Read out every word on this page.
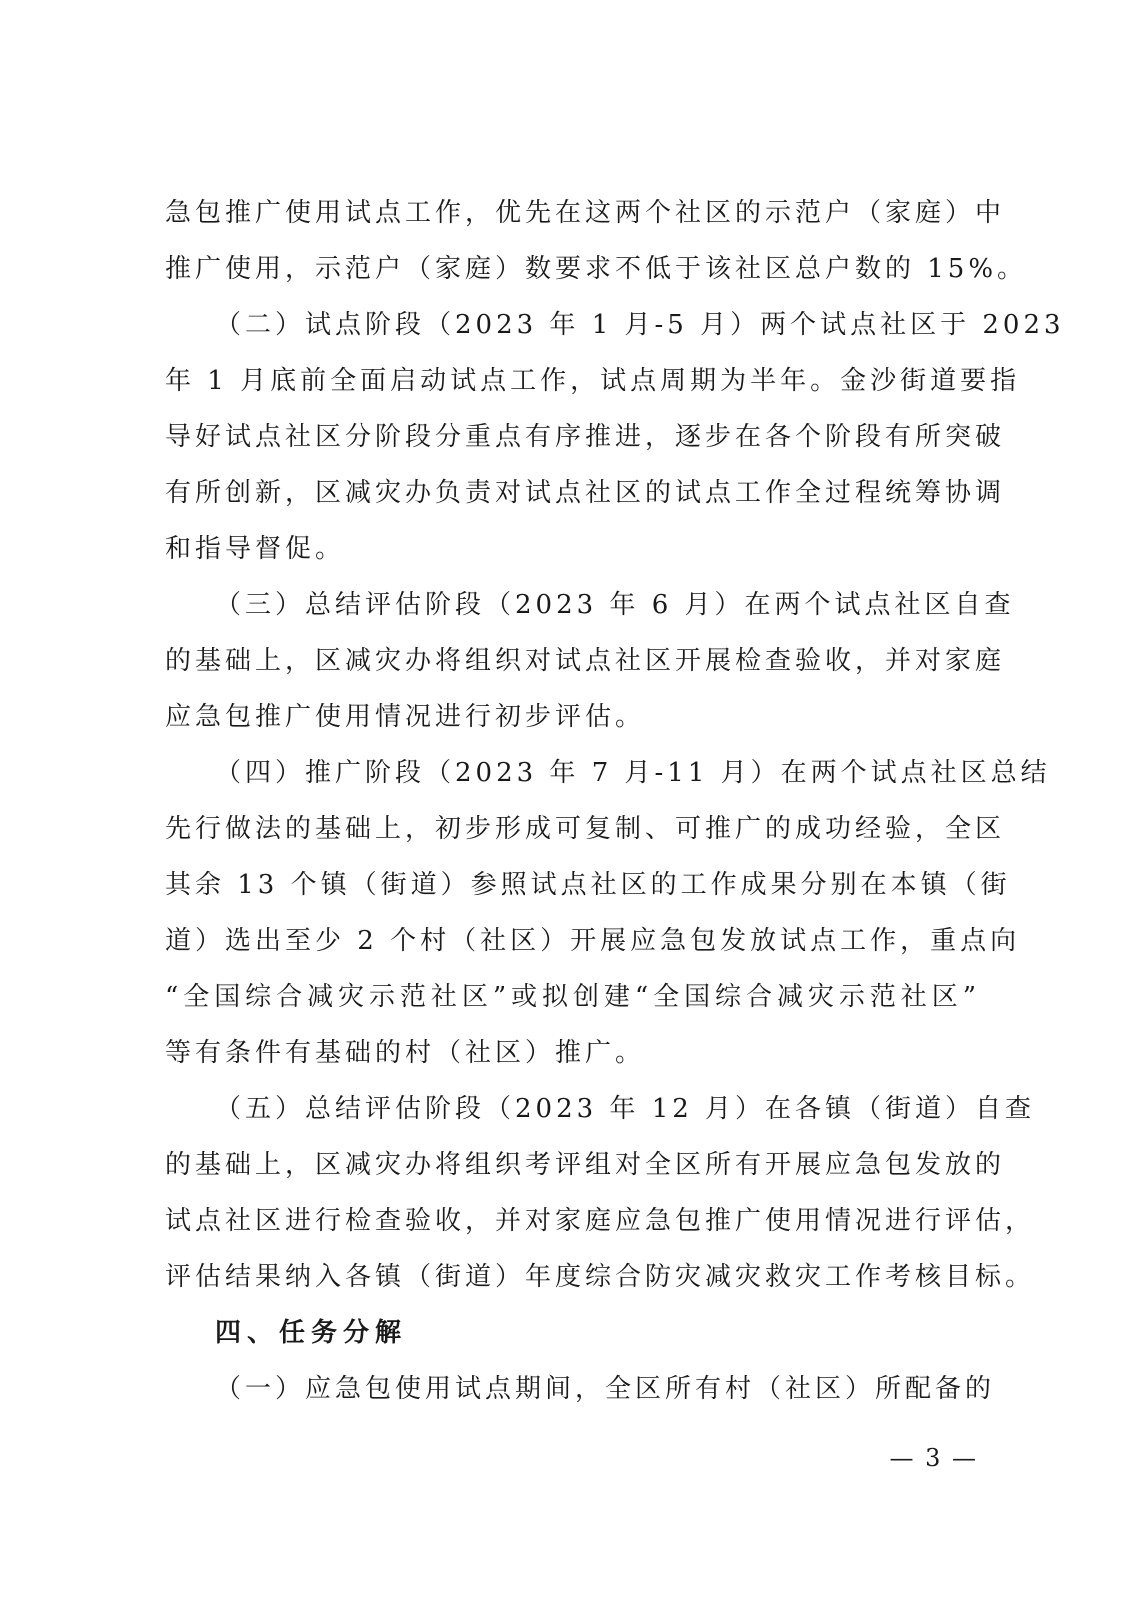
急包推广使用试点工作，优先在这两个社区的示范户（家庭）中
推广使用，示范户（家庭）数要求不低于该社区总户数的 15%。
（二）试点阶段（2023 年 1 月-5 月）两个试点社区于 2023
年 1 月底前全面启动试点工作，试点周期为半年。金沙街道要指
导好试点社区分阶段分重点有序推进，逐步在各个阶段有所突破
有所创新，区减灾办负责对试点社区的试点工作全过程统筹协调
和指导督促。
（三）总结评估阶段（2023 年 6 月）在两个试点社区自查
的基础上，区减灾办将组织对试点社区开展检查验收，并对家庭
应急包推广使用情况进行初步评估。
（四）推广阶段（2023 年 7 月-11 月）在两个试点社区总结
先行做法的基础上，初步形成可复制、可推广的成功经验，全区
其余 13 个镇（街道）参照试点社区的工作成果分别在本镇（街
道）选出至少 2 个村（社区）开展应急包发放试点工作，重点向
“全国综合减灾示范社区”或拟创建“全国综合减灾示范社区”
等有条件有基础的村（社区）推广。
（五）总结评估阶段（2023 年 12 月）在各镇（街道）自查
的基础上，区减灾办将组织考评组对全区所有开展应急包发放的
试点社区进行检查验收，并对家庭应急包推广使用情况进行评估，
评估结果纳入各镇（街道）年度综合防灾减灾救灾工作考核目标。
四、任务分解
（一）应急包使用试点期间，全区所有村（社区）所配备的
— 3 —
